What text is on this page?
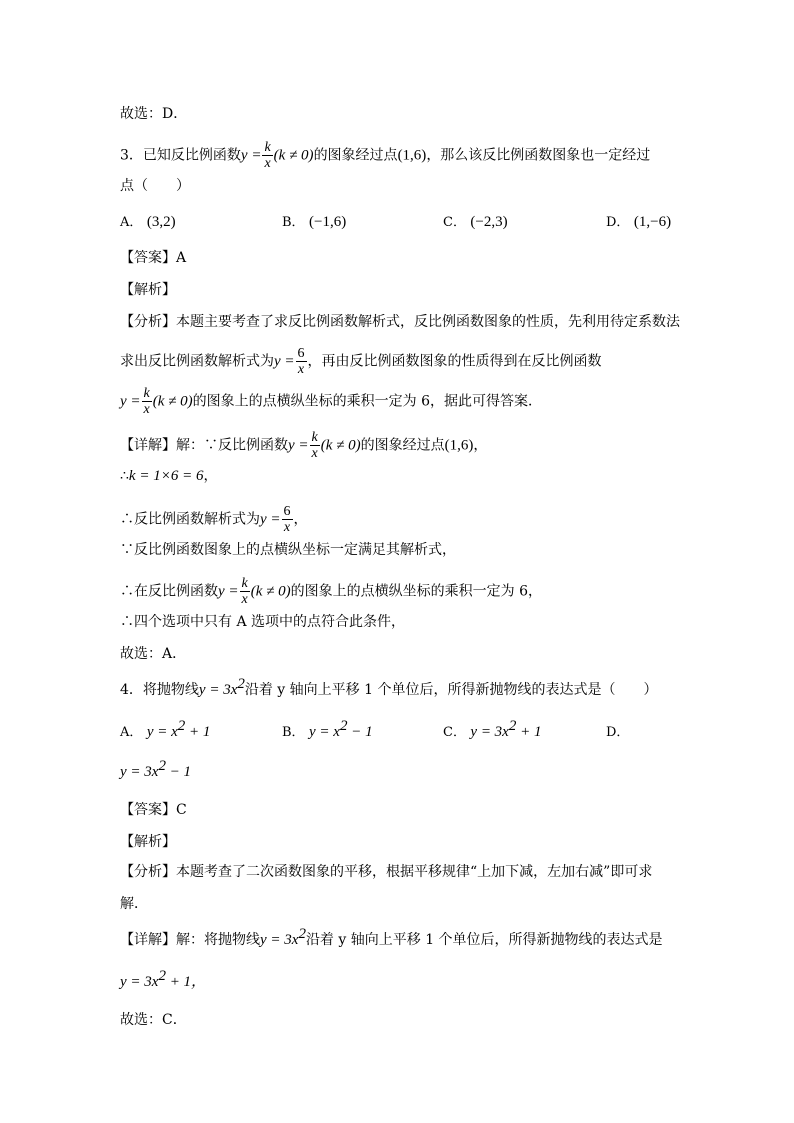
故选：D．
3．已知反比例函数$y = \frac{k}{x} (k \ne 0)$的图象经过点(1,6)，那么该反比例函数图象也一定经过
点（　　）
A． (3,2)	B． (−1,6)	C． (−2,3)	D． (1,−6)
【答案】A
【解析】
【分析】本题主要考查了求反比例函数解析式，反比例函数图象的性质，先利用待定系数法
求出反比例函数解析式为$y = \frac{6}{x}$ ，再由反比例函数图象的性质得到在反比例函数
$y = \frac{k}{x} (k \ne 0)$的图象上的点横纵坐标的乘积一定为 6，据此可得答案．
【详解】解：∵反比例函数$y = \frac{k}{x} (k \ne 0)$的图象经过点(1,6)，
∴k = 1×6 = 6，
∴反比例函数解析式为$y = \frac{6}{x}$ ，
∵反比例函数图象上的点横纵坐标一定满足其解析式，
∴在反比例函数$y = \frac{k}{x} (k \ne 0)$的图象上的点横纵坐标的乘积一定为 6，
∴四个选项中只有 A 选项中的点符合此条件，
故选：A．
4．将抛物线$y = 3x^2$沿着 y 轴向上平移 1 个单位后，所得新抛物线的表达式是（　　）
A． $y = x^2 + 1$	B． $y = x^2 - 1$	C． $y = 3x^2 + 1$	D．
$y = 3x^2 - 1$
【答案】C
【解析】
【分析】本题考查了二次函数图象的平移，根据平移规律“上加下减，左加右减”即可求
解．
【详解】解：将抛物线$y = 3x^2$沿着 y 轴向上平移 1 个单位后，所得新抛物线的表达式是
$y = 3x^2 + 1$，
故选：C．
